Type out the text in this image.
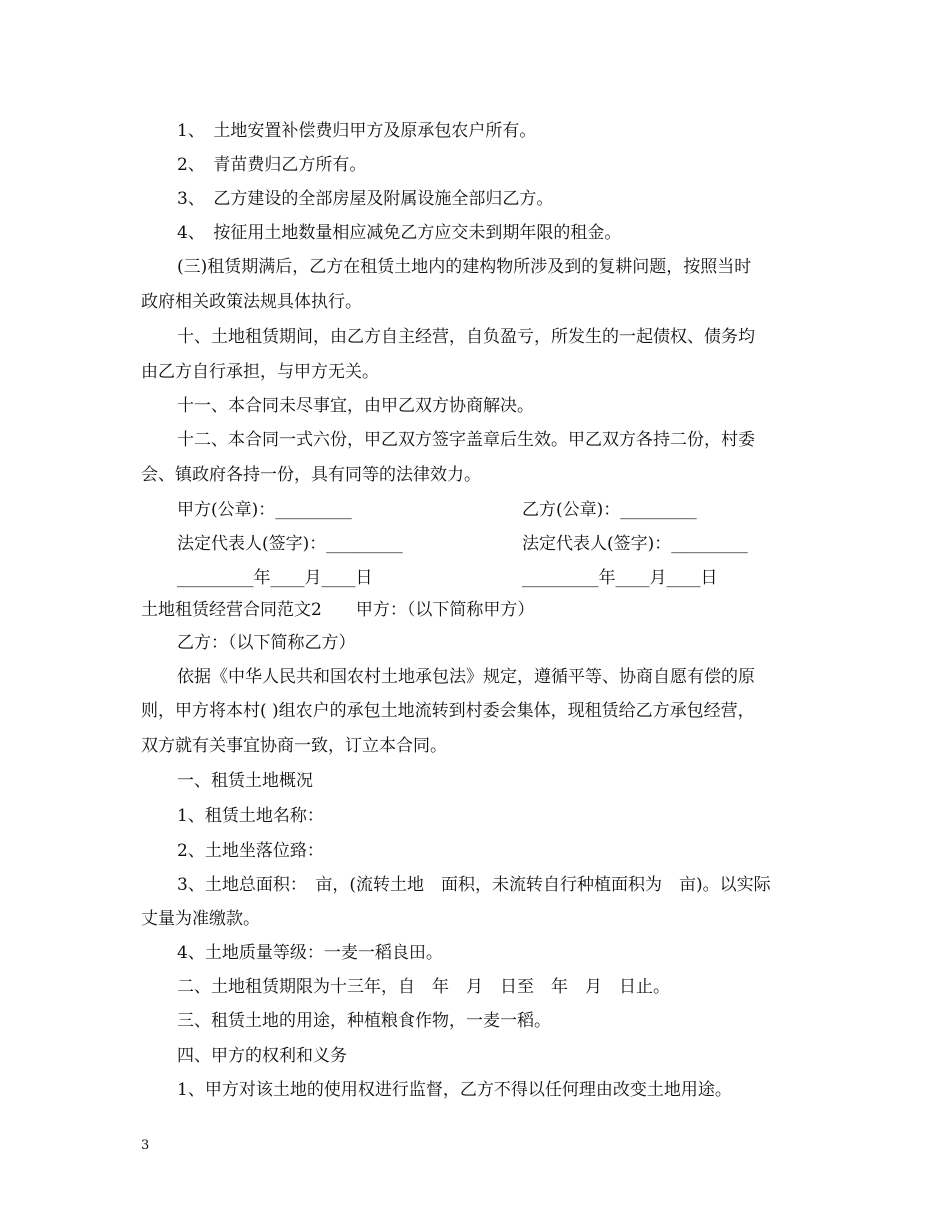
1、　土地安置补偿费归甲方及原承包农户所有。
2、　青苗费归乙方所有。
3、　乙方建设的全部房屋及附属设施全部归乙方。
4、　按征用土地数量相应减免乙方应交未到期年限的租金。
(三)租赁期满后，乙方在租赁土地内的建构物所涉及到的复耕问题，按照当时
政府相关政策法规具体执行。
十、土地租赁期间，由乙方自主经营，自负盈亏，所发生的一起债权、债务均
由乙方自行承担，与甲方无关。
十一、本合同未尽事宜，由甲乙双方协商解决。
十二、本合同一式六份，甲乙双方签字盖章后生效。甲乙双方各持二份，村委
会、镇政府各持一份，具有同等的法律效力。
甲方(公章)：_________	乙方(公章)：_________
法定代表人(签字)：_________	法定代表人(签字)：_________
_________年____月____日	_________年____月____日
土地租赁经营合同范文2　　甲方：（以下简称甲方）
乙方：（以下简称乙方）
依据《中华人民共和国农村土地承包法》规定，遵循平等、协商自愿有偿的原
则，甲方将本村( )组农户的承包土地流转到村委会集体，现租赁给乙方承包经营，
双方就有关事宜协商一致，订立本合同。
一、租赁土地概况
1、租赁土地名称：
2、土地坐落位臵：
3、土地总面积：　亩，(流转土地　面积，未流转自行种植面积为　亩)。以实际
丈量为准缴款。
4、土地质量等级：一麦一稻良田。
二、土地租赁期限为十三年，自　年　月　日至　年　月　日止。
三、租赁土地的用途，种植粮食作物，一麦一稻。
四、甲方的权利和义务
1、甲方对该土地的使用权进行监督，乙方不得以任何理由改变土地用途。
3
